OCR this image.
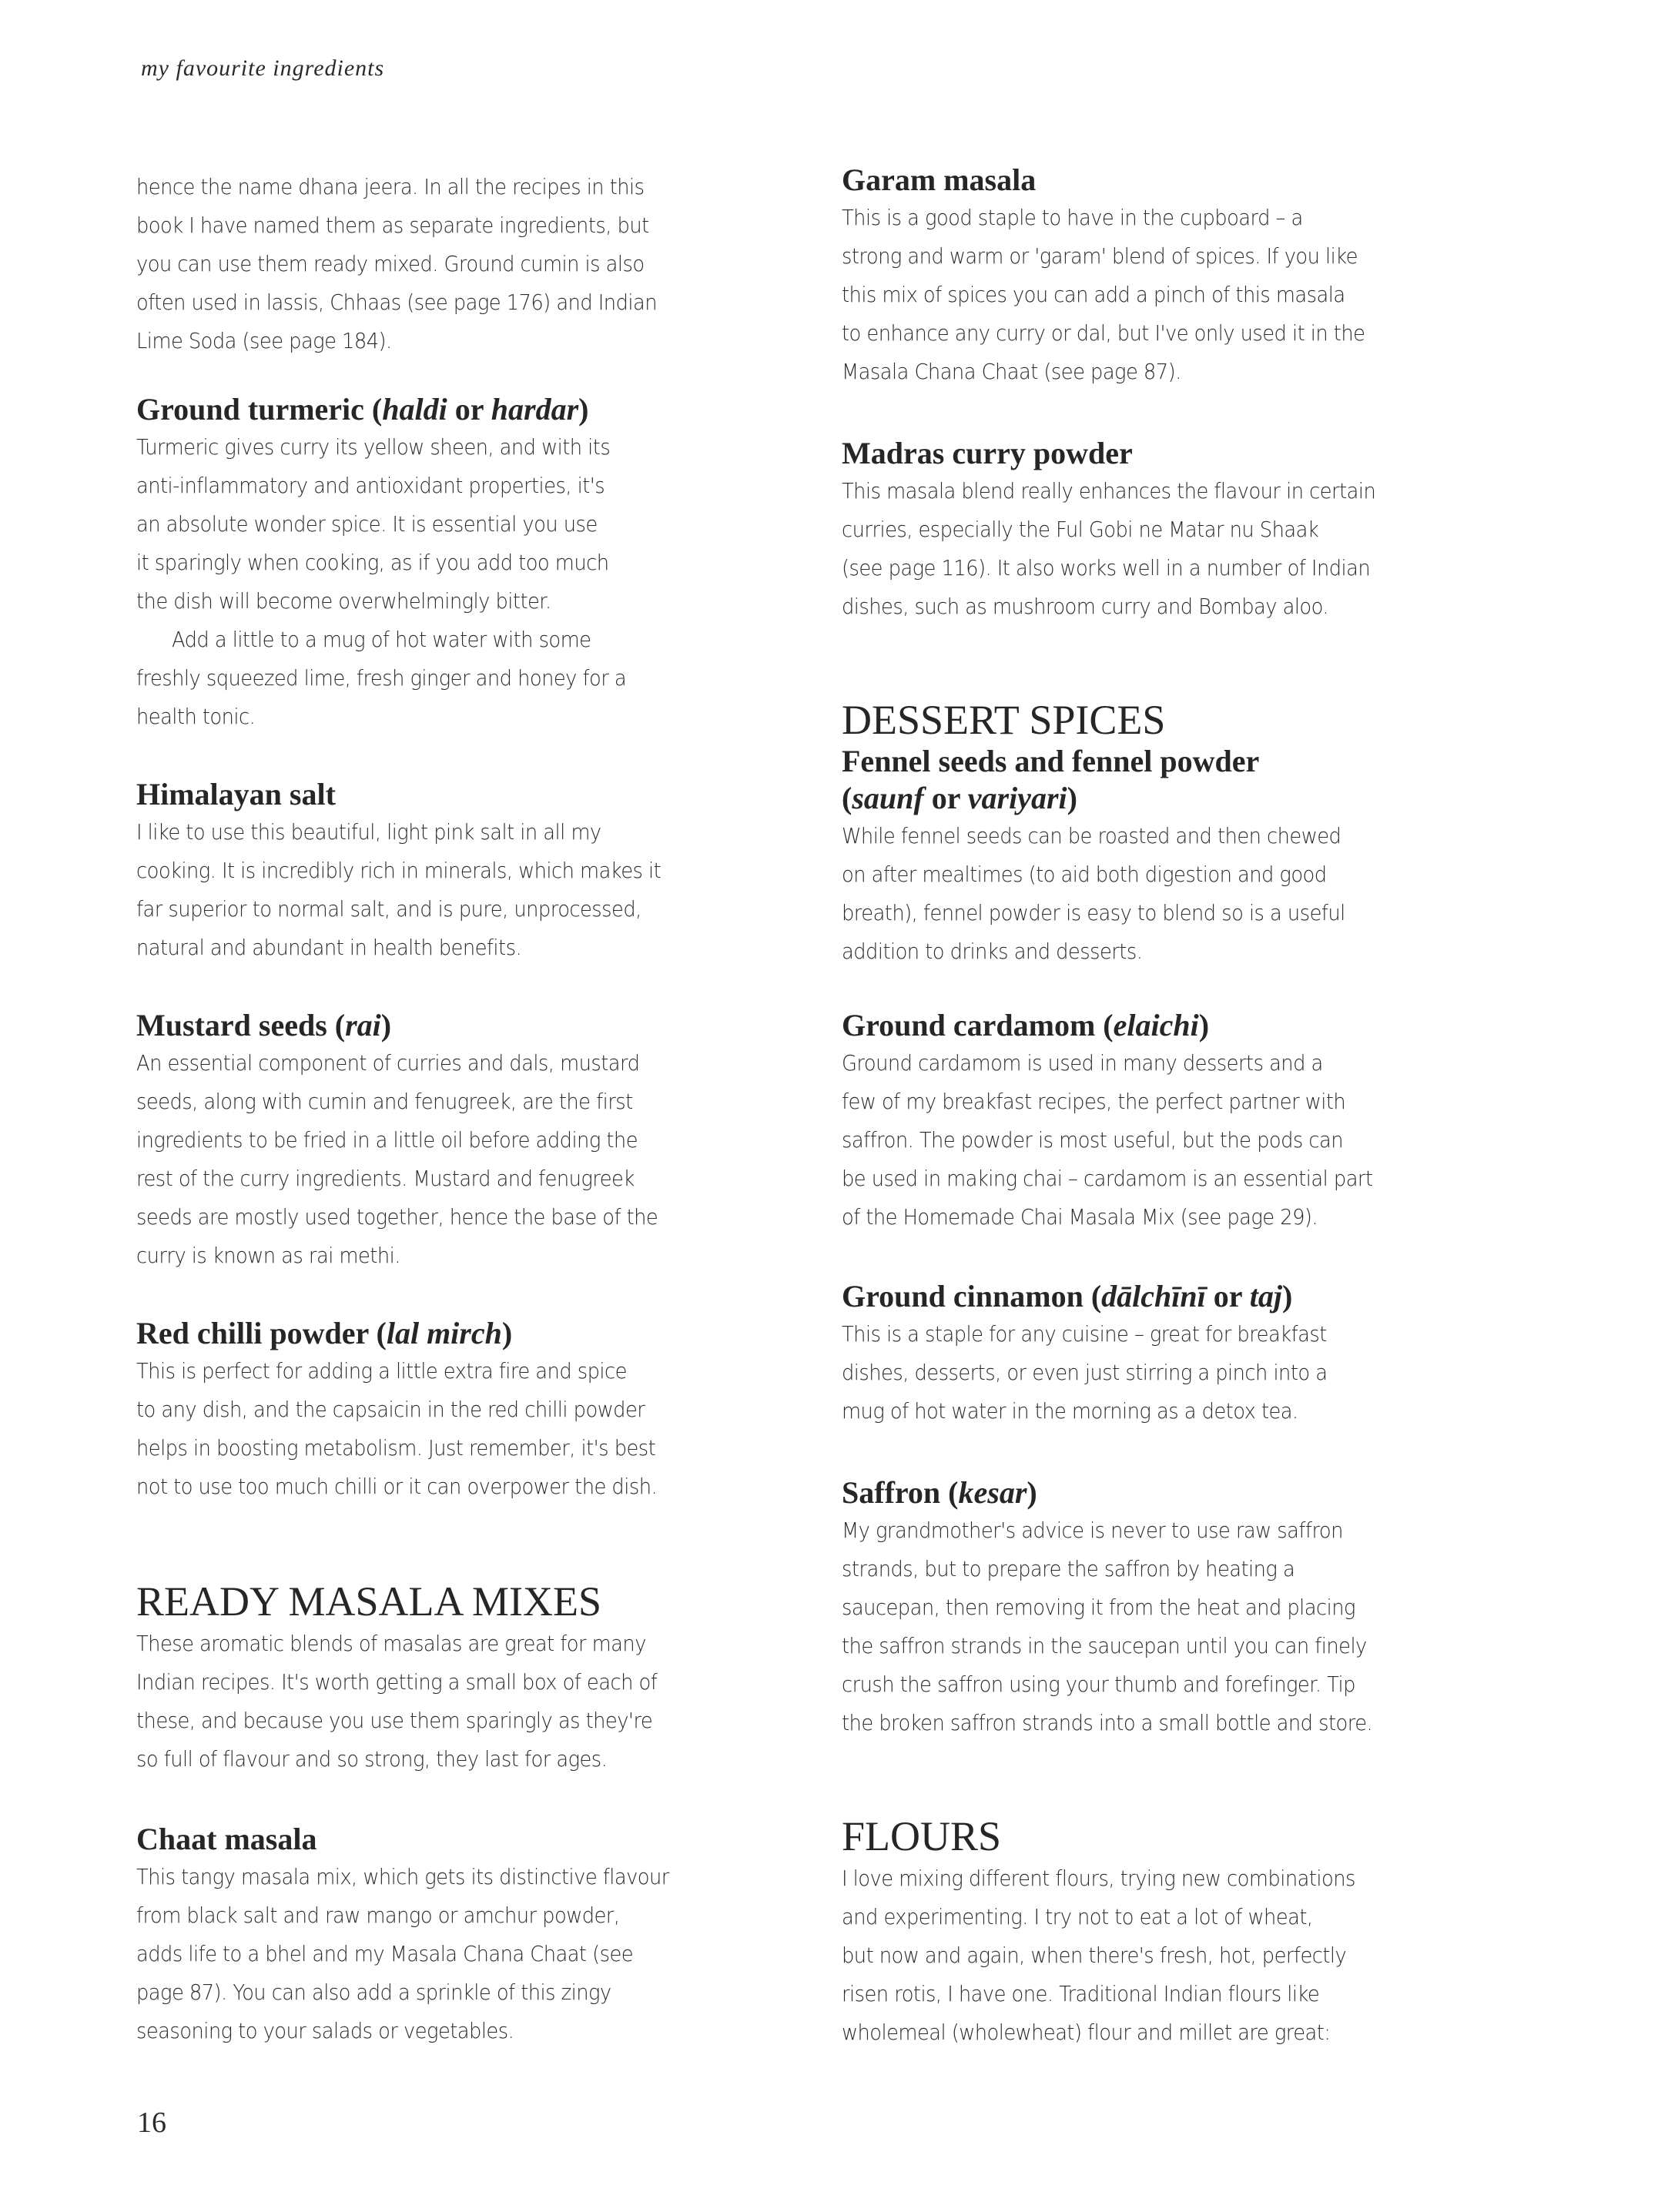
my favourite ingredients

hence the name dhana jeera. In all the recipes in this
book I have named them as separate ingredients, but
you can use them ready mixed. Ground cumin is also
often used in lassis, Chhaas (see page 176) and Indian
Lime Soda (see page 184).

Ground turmeric (haldi or hardar)

Turmeric gives curry its yellow sheen, and with its
anti-inflammatory and antioxidant properties, it's
an absolute wonder spice. It is essential you use
it sparingly when cooking, as if you add too much
the dish will become overwhelmingly bitter.
Add a little to a mug of hot water with some
freshly squeezed lime, fresh ginger and honey for a
health tonic.

Himalayan salt

I like to use this beautiful, light pink salt in all my
cooking. It is incredibly rich in minerals, which makes it
far superior to normal salt, and is pure, unprocessed,
natural and abundant in health benefits.

Mustard seeds (rai)

An essential component of curries and dals, mustard
seeds, along with cumin and fenugreek, are the first
ingredients to be fried in a little oil before adding the
rest of the curry ingredients. Mustard and fenugreek
seeds are mostly used together, hence the base of the
curry is known as rai methi.

Red chilli powder (lal mirch)

This is perfect for adding a little extra fire and spice
to any dish, and the capsaicin in the red chilli powder
helps in boosting metabolism. Just remember, it's best
not to use too much chilli or it can overpower the dish.

READY MASALA MIXES

These aromatic blends of masalas are great for many
Indian recipes. It's worth getting a small box of each of
these, and because you use them sparingly as they're
so full of flavour and so strong, they last for ages.

Chaat masala

This tangy masala mix, which gets its distinctive flavour
from black salt and raw mango or amchur powder,
adds life to a bhel and my Masala Chana Chaat (see
page 87). You can also add a sprinkle of this zingy
seasoning to your salads or vegetables.

Garam masala

This is a good staple to have in the cupboard – a
strong and warm or 'garam' blend of spices. If you like
this mix of spices you can add a pinch of this masala
to enhance any curry or dal, but I've only used it in the
Masala Chana Chaat (see page 87).

Madras curry powder

This masala blend really enhances the flavour in certain
curries, especially the Ful Gobi ne Matar nu Shaak
(see page 116). It also works well in a number of Indian
dishes, such as mushroom curry and Bombay aloo.

DESSERT SPICES
Fennel seeds and fennel powder
(saunf or variyari)

While fennel seeds can be roasted and then chewed
on after mealtimes (to aid both digestion and good
breath), fennel powder is easy to blend so is a useful
addition to drinks and desserts.

Ground cardamom (elaichi)

Ground cardamom is used in many desserts and a
few of my breakfast recipes, the perfect partner with
saffron. The powder is most useful, but the pods can
be used in making chai – cardamom is an essential part
of the Homemade Chai Masala Mix (see page 29).

Ground cinnamon (dālchīnī or taj)

This is a staple for any cuisine – great for breakfast
dishes, desserts, or even just stirring a pinch into a
mug of hot water in the morning as a detox tea.

Saffron (kesar)

My grandmother's advice is never to use raw saffron
strands, but to prepare the saffron by heating a
saucepan, then removing it from the heat and placing
the saffron strands in the saucepan until you can finely
crush the saffron using your thumb and forefinger. Tip
the broken saffron strands into a small bottle and store.

FLOURS

I love mixing different flours, trying new combinations
and experimenting. I try not to eat a lot of wheat,
but now and again, when there's fresh, hot, perfectly
risen rotis, I have one. Traditional Indian flours like
wholemeal (wholewheat) flour and millet are great:

16
